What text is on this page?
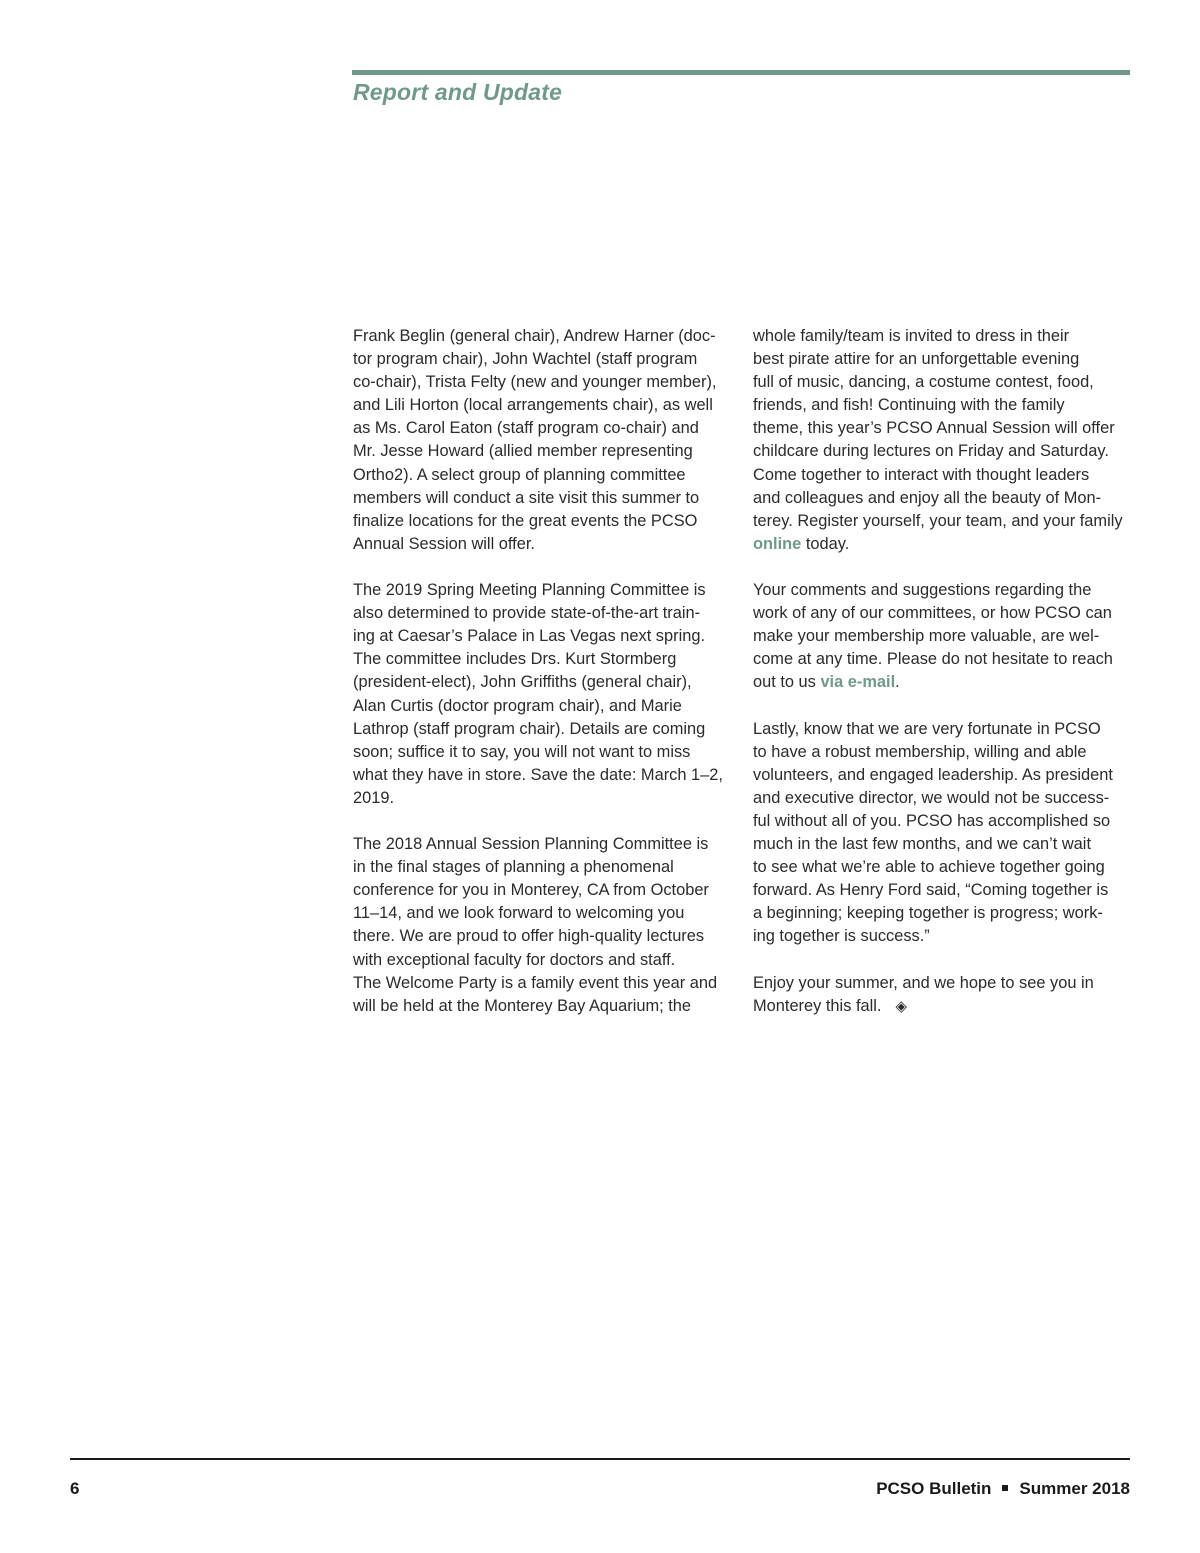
Report and Update
Frank Beglin (general chair), Andrew Harner (doc-
tor program chair), John Wachtel (staff program
co-chair), Trista Felty (new and younger member),
and Lili Horton (local arrangements chair), as well
as Ms. Carol Eaton (staff program co-chair) and
Mr. Jesse Howard (allied member representing
Ortho2). A select group of planning committee
members will conduct a site visit this summer to
finalize locations for the great events the PCSO
Annual Session will offer.
The 2019 Spring Meeting Planning Committee is
also determined to provide state-of-the-art train-
ing at Caesar’s Palace in Las Vegas next spring.
The committee includes Drs. Kurt Stormberg
(president-elect), John Griffiths (general chair),
Alan Curtis (doctor program chair), and Marie
Lathrop (staff program chair). Details are coming
soon; suffice it to say, you will not want to miss
what they have in store. Save the date: March 1–2,
2019.
The 2018 Annual Session Planning Committee is
in the final stages of planning a phenomenal
conference for you in Monterey, CA from October
11–14, and we look forward to welcoming you
there. We are proud to offer high-quality lectures
with exceptional faculty for doctors and staff.
The Welcome Party is a family event this year and
will be held at the Monterey Bay Aquarium; the
whole family/team is invited to dress in their
best pirate attire for an unforgettable evening
full of music, dancing, a costume contest, food,
friends, and fish! Continuing with the family
theme, this year’s PCSO Annual Session will offer
childcare during lectures on Friday and Saturday.
Come together to interact with thought leaders
and colleagues and enjoy all the beauty of Mon-
terey. Register yourself, your team, and your family
online today.
Your comments and suggestions regarding the
work of any of our committees, or how PCSO can
make your membership more valuable, are wel-
come at any time. Please do not hesitate to reach
out to us via e-mail.
Lastly, know that we are very fortunate in PCSO
to have a robust membership, willing and able
volunteers, and engaged leadership. As president
and executive director, we would not be success-
ful without all of you. PCSO has accomplished so
much in the last few months, and we can’t wait
to see what we’re able to achieve together going
forward. As Henry Ford said, “Coming together is
a beginning; keeping together is progress; work-
ing together is success.”
Enjoy your summer, and we hope to see you in
Monterey this fall. ◈
6	PCSO Bulletin Summer 2018
